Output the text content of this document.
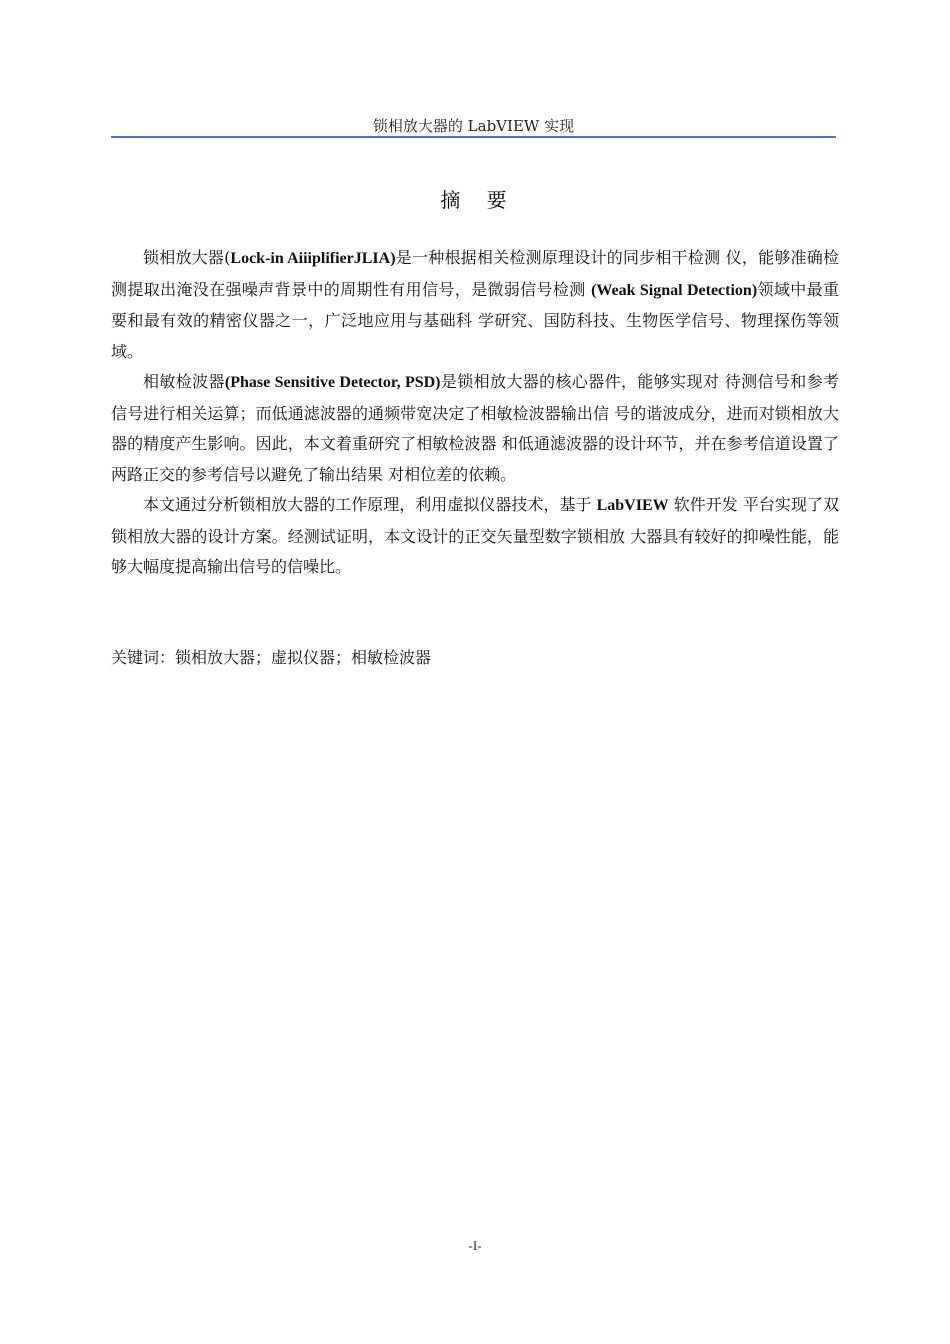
锁相放大器的 LabVIEW 实现
摘 要

锁相放大器(Lock-in AiiiplifierJLIA)是一种根据相关检测原理设计的同步相干检测 仪，能够准确检测提取出淹没在强噪声背景中的周期性有用信号，是微弱信号检测 (Weak Signal Detection)领域中最重要和最有效的精密仪器之一，广泛地应用与基础科 学研究、国防科技、生物医学信号、物理探伤等领域。

相敏检波器(Phase Sensitive Detector, PSD)是锁相放大器的核心器件，能够实现对 待测信号和参考信号进行相关运算；而低通滤波器的通频带宽决定了相敏检波器输出信 号的谐波成分，进而对锁相放大器的精度产生影响。因此，本文着重研究了相敏检波器 和低通滤波器的设计环节，并在参考信道设置了两路正交的参考信号以避免了输出结果 对相位差的依赖。

本文通过分析锁相放大器的工作原理，利用虚拟仪器技术，基于 LabVIEW 软件开发 平台实现了双锁相放大器的设计方案。经测试证明，本文设计的正交矢量型数字锁相放 大器具有较好的抑噪性能，能够大幅度提高输出信号的信噪比。

关键词：锁相放大器；虚拟仪器；相敏检波器
-I-
